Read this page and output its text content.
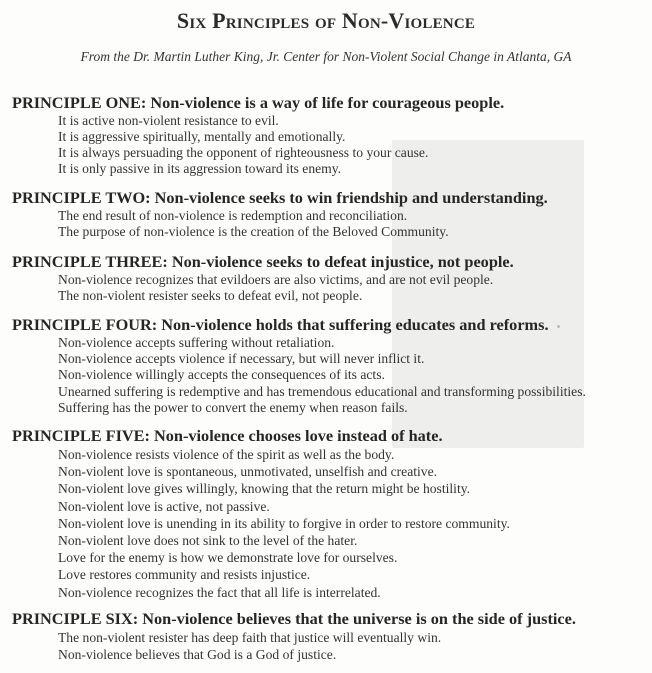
Six Principles of Non-Violence
From the Dr. Martin Luther King, Jr. Center for Non-Violent Social Change in Atlanta, GA
PRINCIPLE ONE: Non-violence is a way of life for courageous people.
It is active non-violent resistance to evil.
It is aggressive spiritually, mentally and emotionally.
It is always persuading the opponent of righteousness to your cause.
It is only passive in its aggression toward its enemy.
PRINCIPLE TWO: Non-violence seeks to win friendship and understanding.
The end result of non-violence is redemption and reconciliation.
The purpose of non-violence is the creation of the Beloved Community.
PRINCIPLE THREE: Non-violence seeks to defeat injustice, not people.
Non-violence recognizes that evildoers are also victims, and are not evil people.
The non-violent resister seeks to defeat evil, not people.
PRINCIPLE FOUR: Non-violence holds that suffering educates and reforms.
Non-violence accepts suffering without retaliation.
Non-violence accepts violence if necessary, but will never inflict it.
Non-violence willingly accepts the consequences of its acts.
Unearned suffering is redemptive and has tremendous educational and transforming possibilities.
Suffering has the power to convert the enemy when reason fails.
PRINCIPLE FIVE: Non-violence chooses love instead of hate.
Non-violence resists violence of the spirit as well as the body.
Non-violent love is spontaneous, unmotivated, unselfish and creative.
Non-violent love gives willingly, knowing that the return might be hostility.
Non-violent love is active, not passive.
Non-violent love is unending in its ability to forgive in order to restore community.
Non-violent love does not sink to the level of the hater.
Love for the enemy is how we demonstrate love for ourselves.
Love restores community and resists injustice.
Non-violence recognizes the fact that all life is interrelated.
PRINCIPLE SIX: Non-violence believes that the universe is on the side of justice.
The non-violent resister has deep faith that justice will eventually win.
Non-violence believes that God is a God of justice.
